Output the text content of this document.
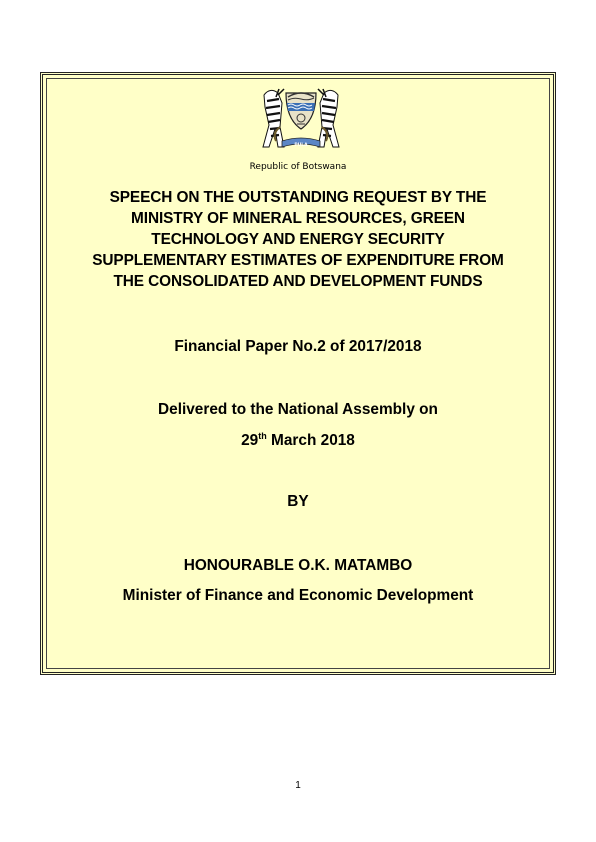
PULA
Republic of Botswana
SPEECH ON THE OUTSTANDING REQUEST BY THE
MINISTRY OF MINERAL RESOURCES, GREEN
TECHNOLOGY AND ENERGY SECURITY
SUPPLEMENTARY ESTIMATES OF EXPENDITURE FROM
THE CONSOLIDATED AND DEVELOPMENT FUNDS
Financial Paper No.2 of 2017/2018
Delivered to the National Assembly on
29th March 2018
BY
HONOURABLE O.K. MATAMBO
Minister of Finance and Economic Development
1
